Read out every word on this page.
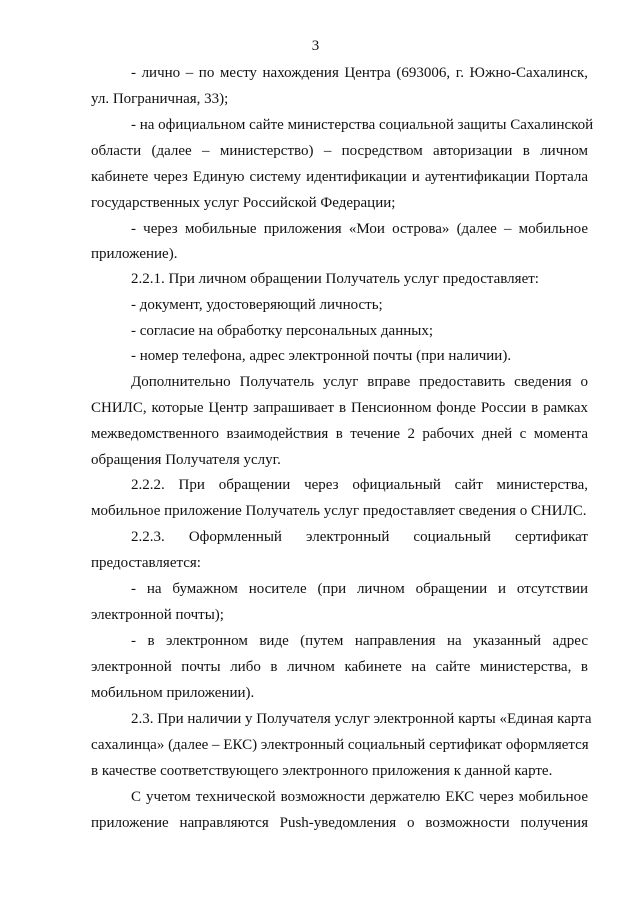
3
- лично – по месту нахождения Центра (693006, г. Южно-Сахалинск,
ул. Пограничная, 33);
- на официальном сайте министерства социальной защиты Сахалинской
области (далее – министерство) – посредством авторизации в личном
кабинете через Единую систему идентификации и аутентификации Портала
государственных услуг Российской Федерации;
- через мобильные приложения «Мои острова» (далее – мобильное
приложение).
2.2.1. При личном обращении Получатель услуг предоставляет:
- документ, удостоверяющий личность;
- согласие на обработку персональных данных;
- номер телефона, адрес электронной почты (при наличии).
Дополнительно Получатель услуг вправе предоставить сведения о
СНИЛС, которые Центр запрашивает в Пенсионном фонде России в рамках
межведомственного взаимодействия в течение 2 рабочих дней с момента
обращения Получателя услуг.
2.2.2. При обращении через официальный сайт министерства,
мобильное приложение Получатель услуг предоставляет сведения о СНИЛС.
2.2.3. Оформленный электронный социальный сертификат
предоставляется:
- на бумажном носителе (при личном обращении и отсутствии
электронной почты);
- в электронном виде (путем направления на указанный адрес
электронной почты либо в личном кабинете на сайте министерства, в
мобильном приложении).
2.3. При наличии у Получателя услуг электронной карты «Единая карта
сахалинца» (далее – ЕКС) электронный социальный сертификат оформляется
в качестве соответствующего электронного приложения к данной карте.
С учетом технической возможности держателю ЕКС через мобильное
приложение направляются Push-уведомления о возможности получения
